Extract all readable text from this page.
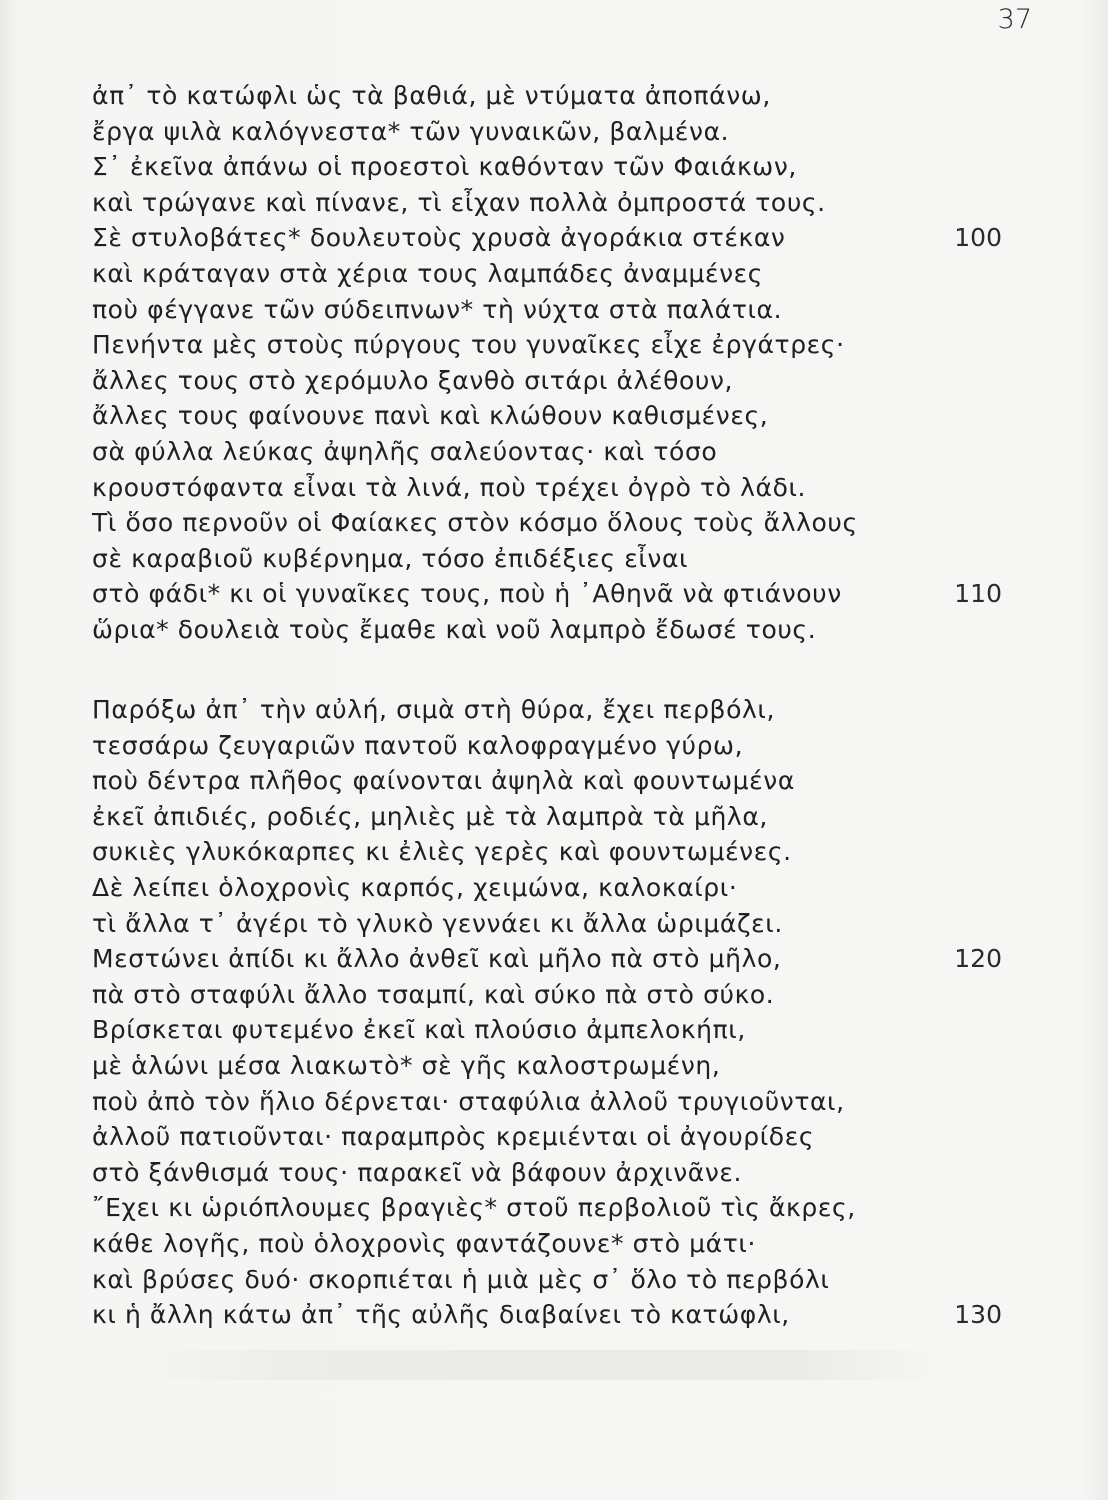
37
ἀπ᾿ τὸ κατώφλι ὡς τὰ βαθιά, μὲ ντύματα ἀποπάνω,
ἔργα ψιλὰ καλόγνεστα* τῶν γυναικῶν, βαλμένα.
Σ᾿ ἐκεῖνα ἀπάνω οἱ προεστοὶ καθόνταν τῶν Φαιάκων,
καὶ τρώγανε καὶ πίνανε, τὶ εἶχαν πολλὰ ὀμπροστά τους.
Σὲ στυλοβάτες* δουλευτοὺς χρυσὰ ἀγοράκια στέκαν	100
καὶ κράταγαν στὰ χέρια τους λαμπάδες ἀναμμένες
ποὺ φέγγανε τῶν σύδειπνων* τὴ νύχτα στὰ παλάτια.
Πενήντα μὲς στοὺς πύργους του γυναῖκες εἶχε ἐργάτρες·
ἄλλες τους στὸ χερόμυλο ξανθὸ σιτάρι ἀλέθουν,
ἄλλες τους φαίνουνε πανὶ καὶ κλώθουν καθισμένες,
σὰ φύλλα λεύκας ἀψηλῆς σαλεύοντας· καὶ τόσο
κρουστόφαντα εἶναι τὰ λινά, ποὺ τρέχει ὀγρὸ τὸ λάδι.
Τὶ ὅσο περνοῦν οἱ Φαίακες στὸν κόσμο ὅλους τοὺς ἄλλους
σὲ καραβιοῦ κυβέρνημα, τόσο ἐπιδέξιες εἶναι
στὸ φάδι* κι οἱ γυναῖκες τους, ποὺ ἡ ᾿Αθηνᾶ νὰ φτιάνουν	110
ὥρια* δουλειὰ τοὺς ἔμαθε καὶ νοῦ λαμπρὸ ἔδωσέ τους.
Παρόξω ἀπ᾿ τὴν αὐλή, σιμὰ στὴ θύρα, ἔχει περβόλι,
τεσσάρω ζευγαριῶν παντοῦ καλοφραγμένο γύρω,
ποὺ δέντρα πλῆθος φαίνονται ἀψηλὰ καὶ φουντωμένα
ἐκεῖ ἀπιδιές, ροδιές, μηλιὲς μὲ τὰ λαμπρὰ τὰ μῆλα,
συκιὲς γλυκόκαρπες κι ἐλιὲς γερὲς καὶ φουντωμένες.
Δὲ λείπει ὁλοχρονὶς καρπός, χειμώνα, καλοκαίρι·
τὶ ἄλλα τ᾿ ἀγέρι τὸ γλυκὸ γεννάει κι ἄλλα ὡριμάζει.
Μεστώνει ἀπίδι κι ἄλλο ἀνθεῖ καὶ μῆλο πὰ στὸ μῆλο,	120
πὰ στὸ σταφύλι ἄλλο τσαμπί, καὶ σύκο πὰ στὸ σύκο.
Βρίσκεται φυτεμένο ἐκεῖ καὶ πλούσιο ἀμπελοκήπι,
μὲ ἁλώνι μέσα λιακωτὸ* σὲ γῆς καλοστρωμένη,
ποὺ ἀπὸ τὸν ἥλιο δέρνεται· σταφύλια ἀλλοῦ τρυγιοῦνται,
ἀλλοῦ πατιοῦνται· παραμπρὸς κρεμιένται οἱ ἀγουρίδες
στὸ ξάνθισμά τους· παρακεῖ νὰ βάφουν ἀρχινᾶνε.
῎Εχει κι ὡριόπλουμες βραγιὲς* στοῦ περβολιοῦ τὶς ἄκρες,
κάθε λογῆς, ποὺ ὁλοχρονὶς φαντάζουνε* στὸ μάτι·
καὶ βρύσες δυό· σκορπιέται ἡ μιὰ μὲς σ᾿ ὅλο τὸ περβόλι
κι ἡ ἄλλη κάτω ἀπ᾿ τῆς αὐλῆς διαβαίνει τὸ κατώφλι,	130
